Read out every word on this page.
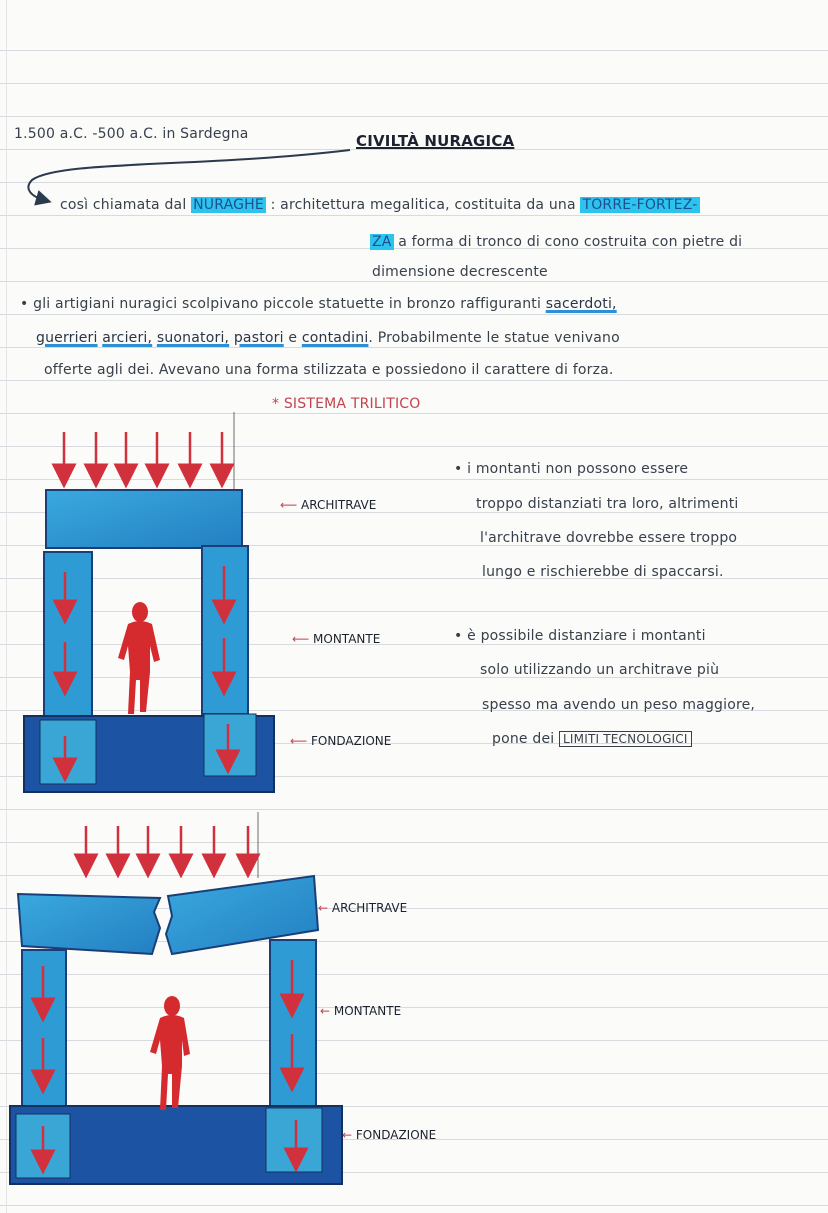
1.500 a.C. -500 a.C. in Sardegna	CIVILTÀ NURAGICA
così chiamata dal NURAGHE : architettura megalitica, costituita da una TORRE-FORTEZ-
ZA a forma di tronco di cono costruita con pietre di
dimensione decrescente
• gli artigiani nuragici scolpivano piccole statuette in bronzo raffiguranti sacerdoti,
guerrieri arcieri, suonatori, pastori e contadini. Probabilmente le statue venivano
offerte agli dei. Avevano una forma stilizzata e possiedono il carattere di forza.
* SISTEMA TRILITICO
⟵ ARCHITRAVE
⟵ MONTANTE
⟵ FONDAZIONE
← ARCHITRAVE
← MONTANTE
← FONDAZIONE
• i montanti non possono essere
troppo distanziati tra loro, altrimenti
l'architrave dovrebbe essere troppo
lungo e rischierebbe di spaccarsi.
• è possibile distanziare i montanti
solo utilizzando un architrave più
spesso ma avendo un peso maggiore,
pone dei LIMITI TECNOLOGICI
